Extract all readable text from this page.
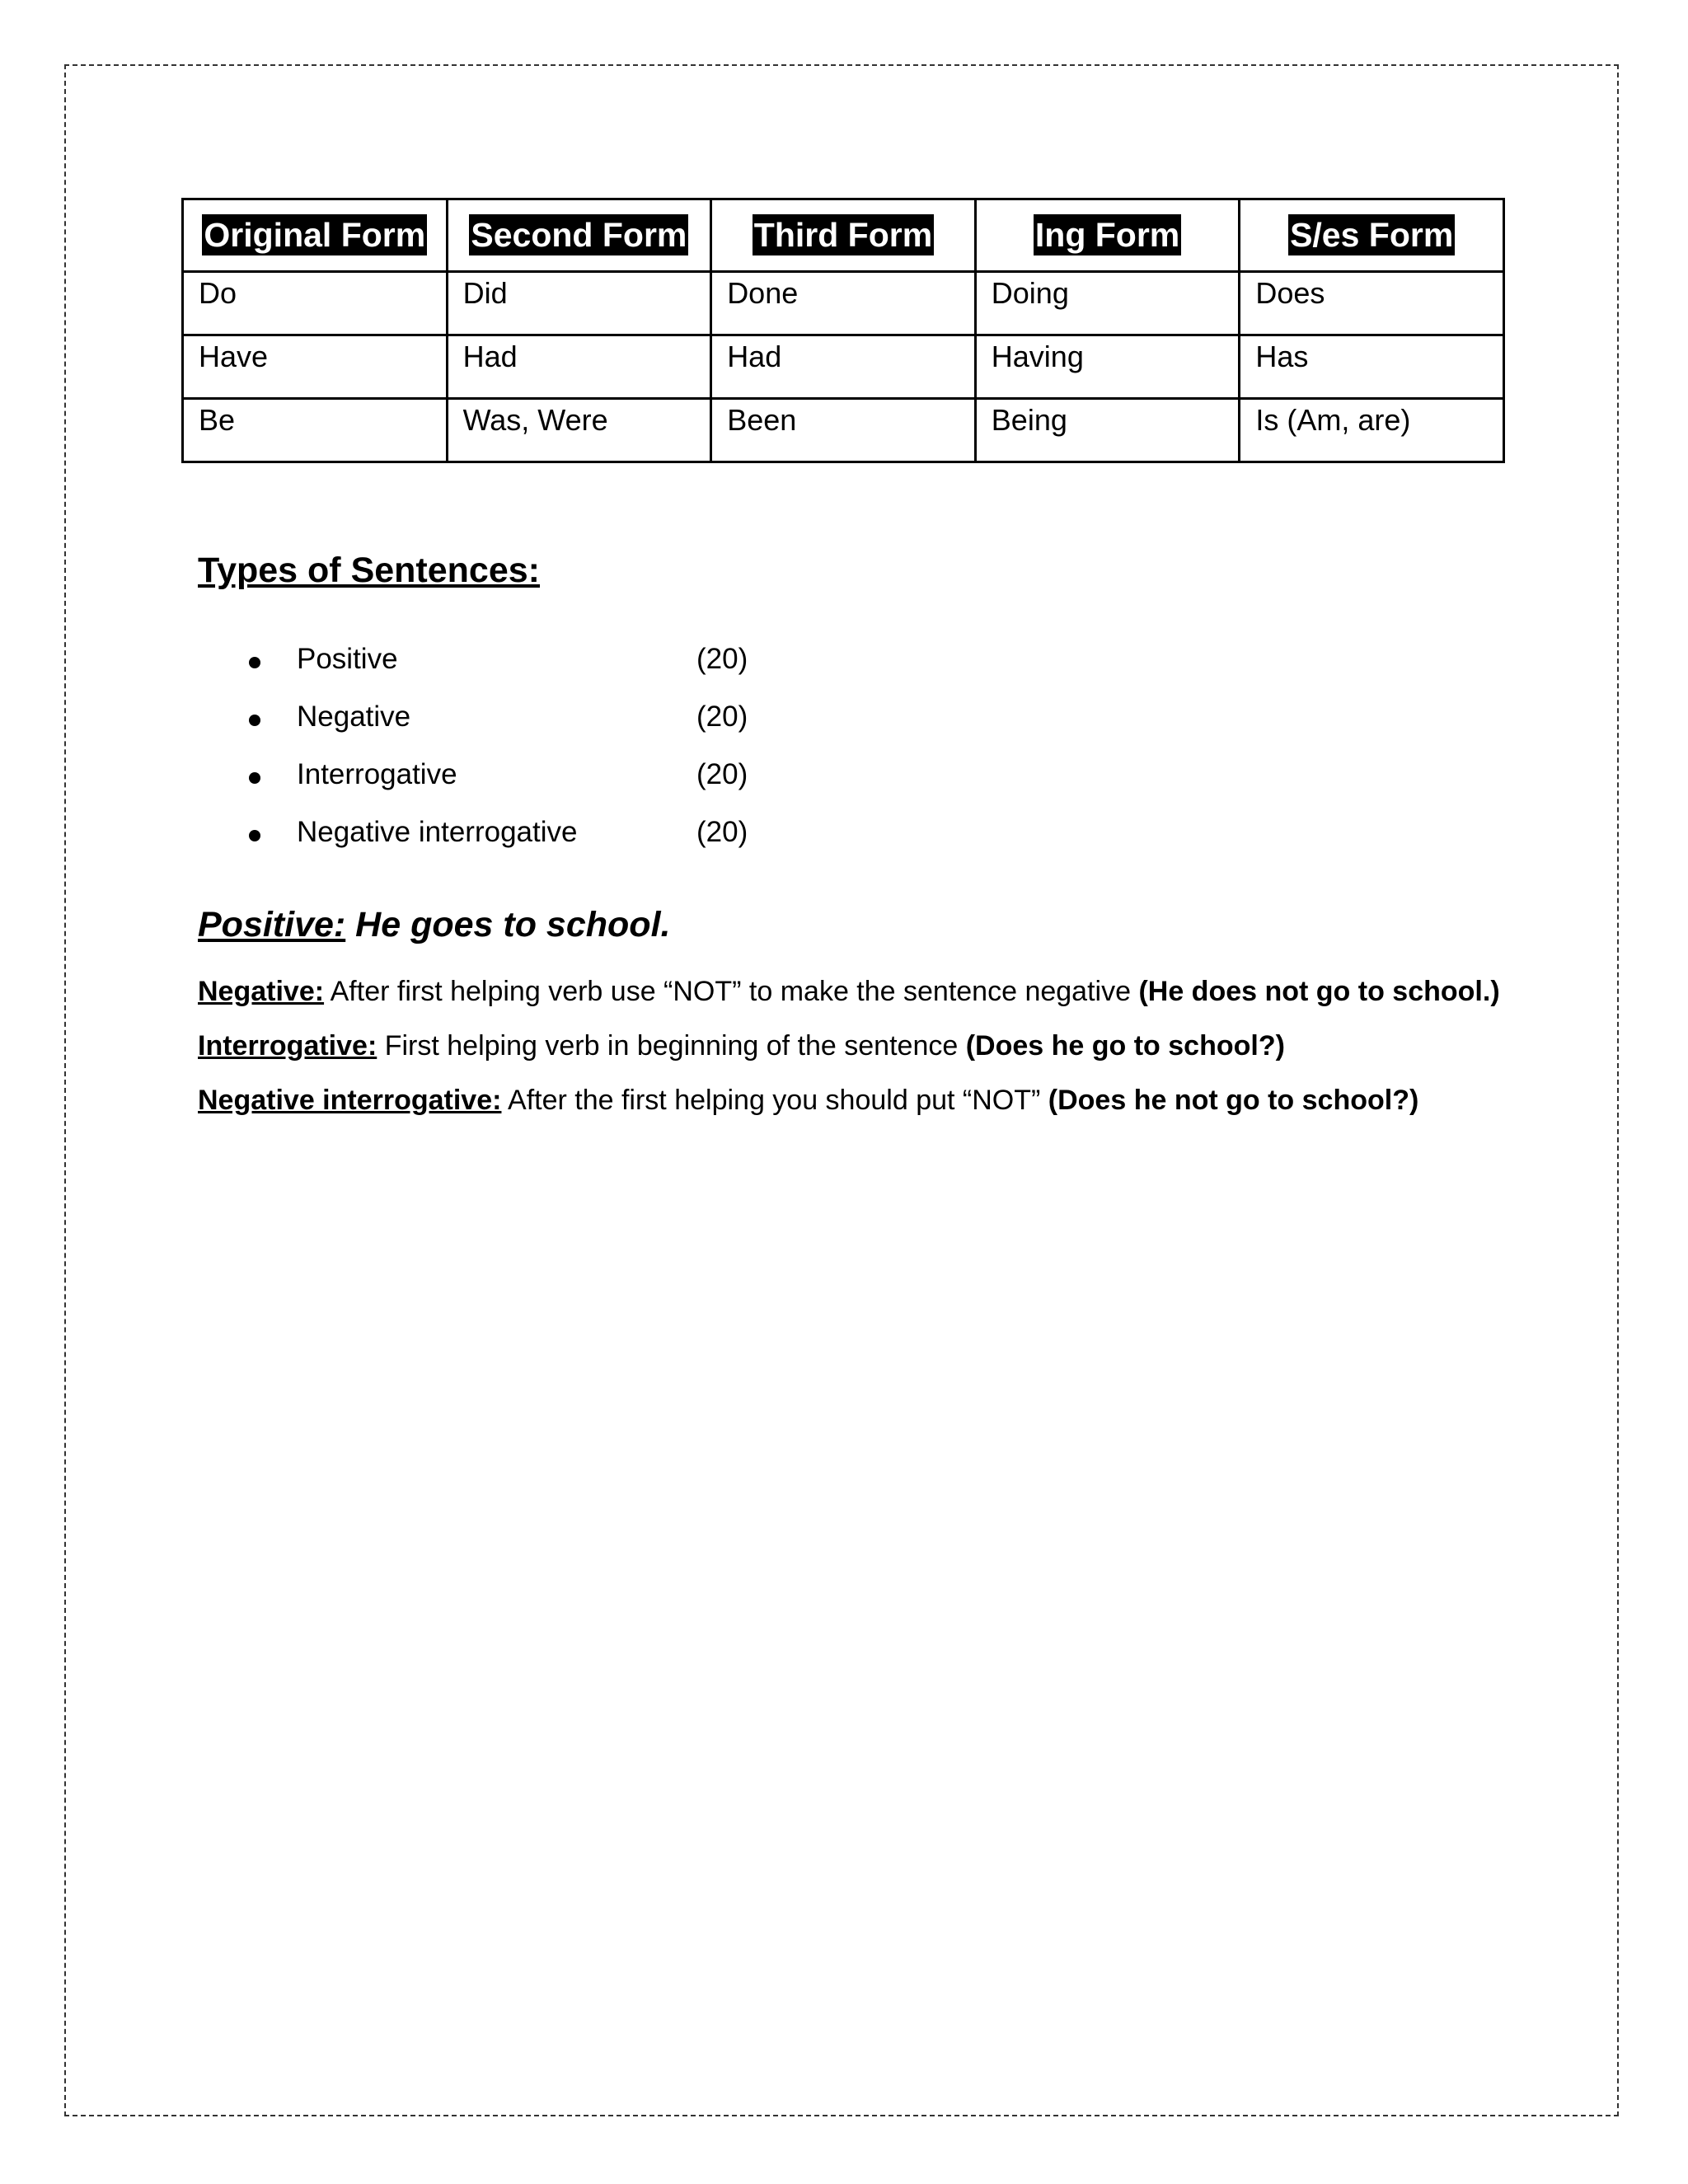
Original Form	Second Form	Third Form	Ing Form	S/es Form
Do	Did	Done	Doing	Does
Have	Had	Had	Having	Has
Be	Was, Were	Been	Being	Is (Am, are)
Types of Sentences:
Positive	(20)
Negative	(20)
Interrogative	(20)
Negative interrogative	(20)

Positive: He goes to school.

Negative: After first helping verb use “NOT” to make the sentence negative (He does not go to school.)

Interrogative: First helping verb in beginning of the sentence (Does he go to school?)

Negative interrogative: After the first helping you should put “NOT” (Does he not go to school?)
